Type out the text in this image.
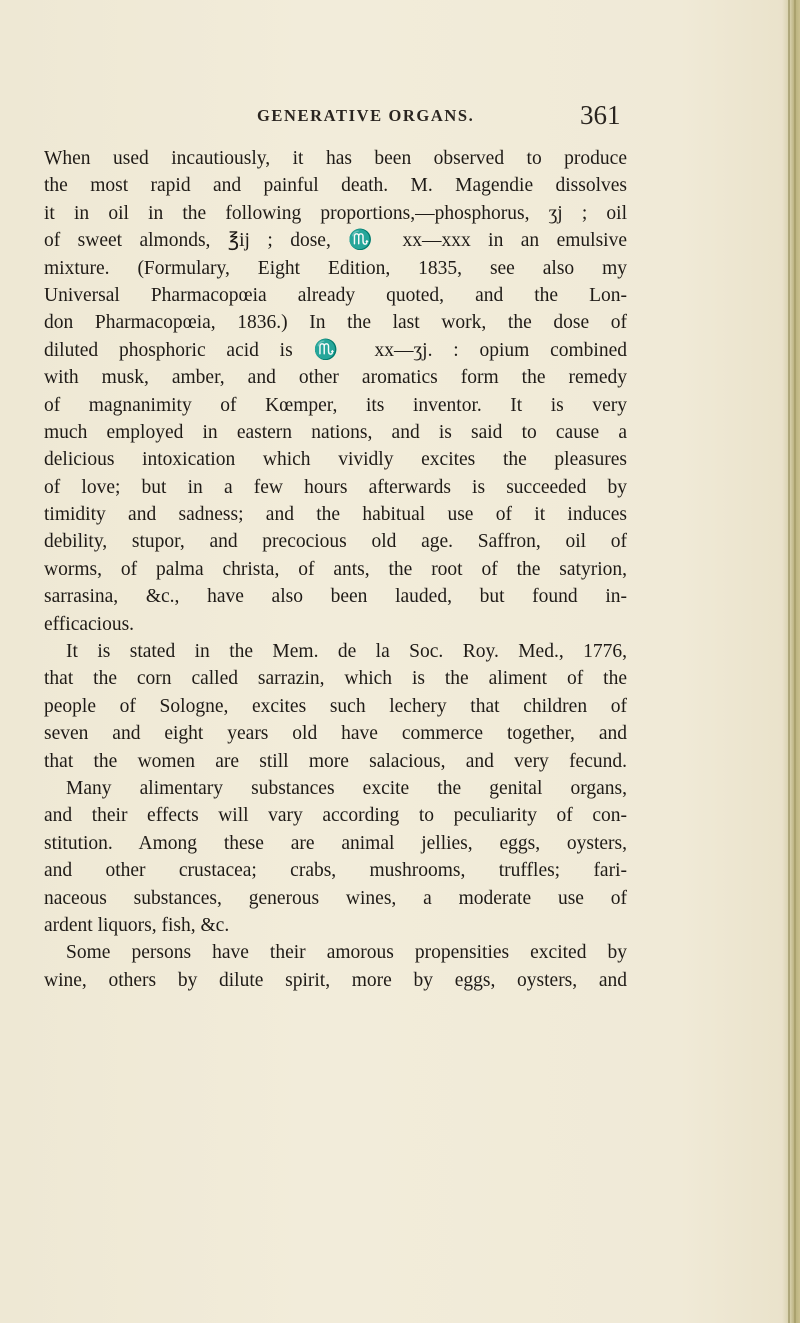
GENERATIVE ORGANS.	361
When used incautiously, it has been observed to produce
the most rapid and painful death. M. Magendie dissolves
it in oil in the following proportions,—phosphorus, ʒj ; oil
of sweet almonds, ℥ij ; dose, ♏ xx—xxx in an emulsive
mixture. (Formulary, Eight Edition, 1835, see also my
Universal Pharmacopœia already quoted, and the Lon-
don Pharmacopœia, 1836.) In the last work, the dose of
diluted phosphoric acid is ♏ xx—ʒj. : opium combined
with musk, amber, and other aromatics form the remedy
of magnanimity of Kœmper, its inventor. It is very
much employed in eastern nations, and is said to cause a
delicious intoxication which vividly excites the pleasures
of love; but in a few hours afterwards is succeeded by
timidity and sadness; and the habitual use of it induces
debility, stupor, and precocious old age. Saffron, oil of
worms, of palma christa, of ants, the root of the satyrion,
sarrasina, &c., have also been lauded, but found in-
efficacious.
It is stated in the Mem. de la Soc. Roy. Med., 1776,
that the corn called sarrazin, which is the aliment of the
people of Sologne, excites such lechery that children of
seven and eight years old have commerce together, and
that the women are still more salacious, and very fecund.
Many alimentary substances excite the genital organs,
and their effects will vary according to peculiarity of con-
stitution. Among these are animal jellies, eggs, oysters,
and other crustacea; crabs, mushrooms, truffles; fari-
naceous substances, generous wines, a moderate use of
ardent liquors, fish, &c.
Some persons have their amorous propensities excited by
wine, others by dilute spirit, more by eggs, oysters, and
